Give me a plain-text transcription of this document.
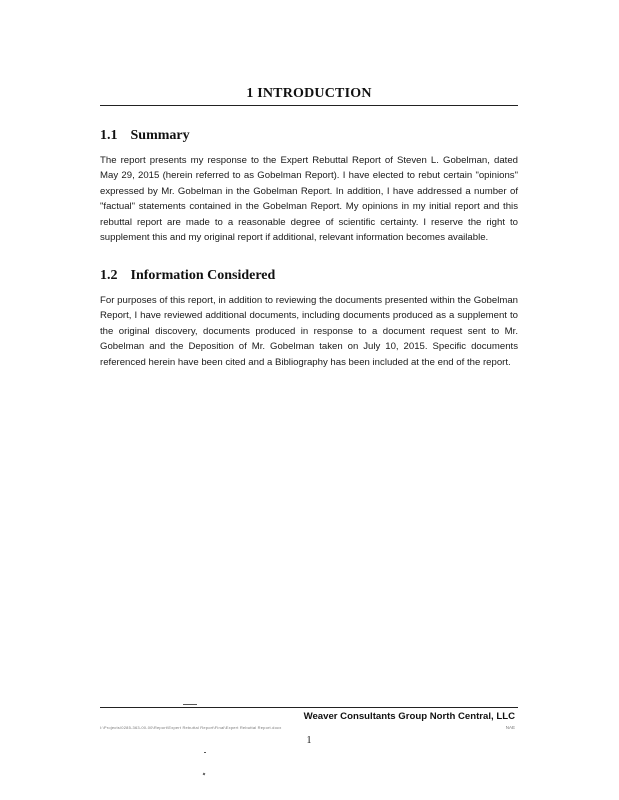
1 INTRODUCTION
1.1 Summary

The report presents my response to the Expert Rebuttal Report of Steven L. Gobelman, dated May 29, 2015 (herein referred to as Gobelman Report). I have elected to rebut certain "opinions" expressed by Mr. Gobelman in the Gobelman Report. In addition, I have addressed a number of "factual" statements contained in the Gobelman Report. My opinions in my initial report and this rebuttal report are made to a reasonable degree of scientific certainty. I reserve the right to supplement this and my original report if additional, relevant information becomes available.

1.2 Information Considered

For purposes of this report, in addition to reviewing the documents presented within the Gobelman Report, I have reviewed additional documents, including documents produced as a supplement to the original discovery, documents produced in response to a document request sent to Mr. Gobelman and the Deposition of Mr. Gobelman taken on July 10, 2015. Specific documents referenced herein have been cited and a Bibliography has been included at the end of the report.

Weaver Consultants Group North Central, LLC
I:\Projects\0285-363-00-00\Report\Expert Rebuttal Report\Final\Expert Rebuttal Report.docx	NAE
1
